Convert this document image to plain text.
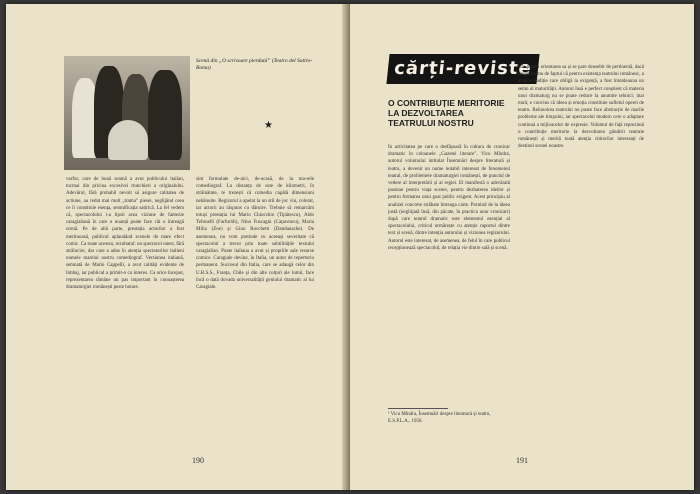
Scenă din „O scrisoare pierdută” (Teatro del Satiro-Roma)
★
varfor, care de bună seamă a avut publicului italian, tocmai din pricina excesivei trunchieri a originalului. Adevărul, fără probabil nevoit să asigure calitatea de actiune, au redat mai mult „trama” piesei, neglijând ceea ce îi constituie esența, semnificația satirică. La fel vedem că, spectacolului i-a lipsit acea viziune de fantezie caragialiană în care o nuanță poate face cât o întreagă scenă. Pe de altă parte, prestația actorilor a fost merituoasă, publicul aplaudând scenele de mare efect comic. Ca toate acestea, rezultatul: un spectacol onest, fără strălucire, dar care a adus în atenția spectatorilor italieni numele marelui nostru comediograf. Versiunea italiană, semnată de Mario Cappelli, a avut calități evidente de limbaj, iar publicul a primit-o cu interes. Ca orice început, reprezentarea rămâne un pas important în cunoașterea dramaturgiei românești peste hotare.
sint formulate de-aici, de-acasă, de la ma-rele comediograf. La distanța de sute de kilometri, în străinătate, te trezești că comedia capătă dimensiuni nebănuite. Regizorul a apelat la un stil de joc viu, colorat, iar actorii au răspuns cu dăruire. Trebuie să remarcăm totuși prestația lui Mario Chiocchio (Tipătescu), Aldo Tefonelli (Farfuridi), Nino Fuscagni (Cațavencu), Maria Milia (Zoe) și Gino Rocchetti (Dandanache). De asemenea, nu vom pretinde cu aceeași severitate că spectacolul a trecut prin toate subtilitățile textului caragialian. Poate italiana a avut și propriile sale resurse comice. Caragiale devine, în Italia, un autor de repertoriu permanent. Succesul din Italia, care se adaugă celor din U.R.S.S., Franța, Chile și din alte colțuri ale lumii, face încă o dată dovada universalității geniului dramatic al lui Caragiale.
190
cărți-reviste
O CONTRIBUȚIE MERITORIE LA DEZVOLTAREA TEATRULUI NOSTRU
În activitatea pe care o desfășoară în cultura de cronicar dramatic în coloanele „Gazetei literare”, Vicu Mîndra, autorul volumului intitulat Însemnări despre literatură și teatru, a devenit un nume notabil interesat de fenomenul teatral, de problemele dramaturgiei românești, de punctul de vedere al interpretării și al regiei. El manifestă o adevărată pasiune pentru viața scenei, pentru dezbaterea ideilor și pentru formarea unui gust public exigent. Acest principiu al analizei concrete străbate întreaga carte. Pornind de la ideea justă (negliijată însă, din păcate, în practica unor cronicari) după care teatrul dramatic este elementul esențial al spectacolului, criticul urmărește cu atenție raportul dintre text și scenă, dintre intenția autorului și viziunea regizorului. Autorul este interesat, de asemenea, de felul în care publicul recepționează spectacolul, de relația vie dintre sală și scenă.
tale pentru orientarea sa și se pare deosebit de pertinentă, dacă ținem seama de faptul că pentru existența teatrului românesc, a avea o tradiție care obligă la exigență, a fost întotdeauna un semn al maturității. Autorul însă e perfect conștient că materia unui dramaturg nu se poate reduce la anumite tehnici; mai mult, e convins că ideea și emoția constituie sufletul operei de teatru. Reînnoirea teatrului nu poate face abstracție de marile probleme ale timpului, iar spectacolul modern cere o adaptare continuă a mijloacelor de expresie. Volumul de față reprezintă o contribuție meritorie la dezvoltarea gândirii teatrale românești și merită toată atenția cititorilor interesați de destinul scenei noastre.
¹ Vicu Mîndra, Însemnări despre literatură și teatru, E.S.P.L.A., 1958.
191
